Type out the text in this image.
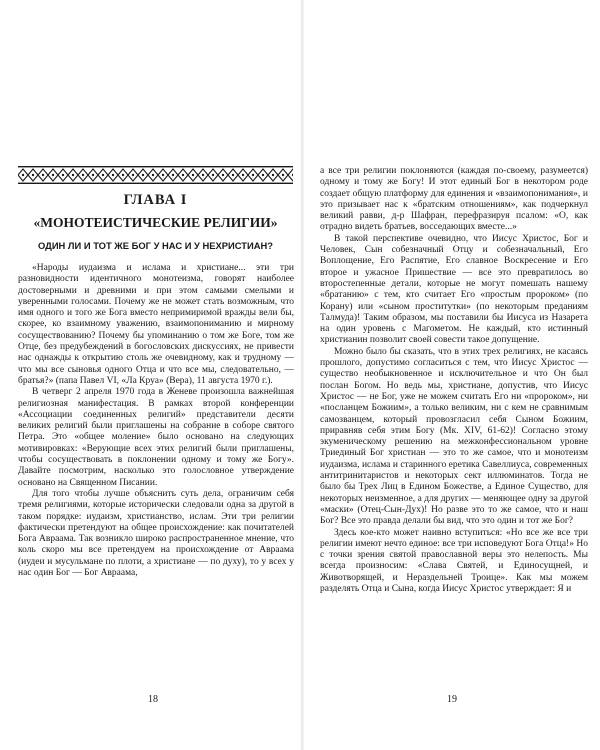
ГЛАВА I
«МОНОТЕИСТИЧЕСКИЕ РЕЛИГИИ»
ОДИН ЛИ И ТОТ ЖЕ БОГ У НАС И У НЕХРИСТИАН?

«Народы иудаизма и ислама и христиане... эти три разновидности идентичного монотеизма, говорят наиболее достоверными и древними и при этом самыми смелыми и уверенными голосами. Почему же не может стать возможным, что имя одного и того же Бога вместо непримиримой вражды вели бы, скорее, ко взаимному уважению, взаимопониманию и мирному сосуществованию? Почему бы упоминанию о том же Боге, том же Отце, без предубеждений в богословских дискуссиях, не привести нас однажды к открытию столь же очевидному, как и трудному — что мы все сыновья одного Отца и что все мы, следовательно, — братья?» (папа Павел VI, «Ла Круа» (Вера), 11 августа 1970 г.).

В четверг 2 апреля 1970 года в Женеве произошла важнейшая религиозная манифестация. В рамках второй конференции «Ассоциации соединенных религий» представители десяти великих религий были приглашены на собрание в соборе святого Петра. Это «общее моление» было основано на следующих мотивировках: «Верующие всех этих религий были приглашены, чтобы сосуществовать в поклонении одному и тому же Богу». Давайте посмотрим, насколько это голословное утверждение основано на Священном Писании.

Для того чтобы лучше объяснить суть дела, ограничим себя тремя религиями, которые исторически следовали одна за другой в таком порядке: иудаизм, христианство, ислам. Эти три религии фактически претендуют на общее происхождение: как почитателей Бога Авраама. Так возникло широко распространенное мнение, что коль скоро мы все претендуем на происхождение от Авраама (иудеи и мусульмане по плоти, а христиане — по духу), то у всех у нас один Бог — Бог Авраама,

18

а все три религии поклоняются (каждая по-своему, разумеется) одному и тому же Богу! И этот единый Бог в некотором роде создает общую платформу для единения и «взаимопонимания», и это призывает нас к «братским отношениям», как подчеркнул великий равви, д-р Шафран, перефразируя псалом: «О, как отрадно видеть братьев, восседающих вместе...»

В такой перспективе очевидно, что Иисус Христос, Бог и Человек, Сын собезначный Отцу и собезначальный, Его Воплощение, Его Распятие, Его славное Воскресение и Его второе и ужасное Пришествие — все это превратилось во второстепенные детали, которые не могут помешать нашему «братанию» с тем, кто считает Его «простым пророком» (по Корану) или «сыном проститутки» (по некоторым преданиям Талмуда)! Таким образом, мы поставили бы Иисуса из Назарета на один уровень с Магометом. Не каждый, кто истинный христианин позволит своей совести такое допущение.

Можно было бы сказать, что в этих трех религиях, не касаясь прошлого, допустимо согласиться с тем, что Иисус Христос — существо необыкновенное и исключительное и что Он был послан Богом. Но ведь мы, христиане, допустив, что Иисус Христос — не Бог, уже не можем считать Его ни «пророком», ни «посланцем Божиим», а только великим, ни с кем не сравнимым самозванцем, который провозгласил себя Сыном Божиим, приравняв себя этим Богу (Мк. XIV, 61-62)! Согласно этому экуменическому решению на межконфессиональном уровне Триединый Бог христиан — это то же самое, что и монотеизм иудаизма, ислама и старинного еретика Савеллиуса, современных антитринитаристов и некоторых сект иллюминатов. Тогда не было бы Трех Лиц в Едином Божестве, а Единое Существо, для некоторых неизменное, а для других — меняющее одну за другой «маски» (Отец-Сын-Дух)! Но разве это то же самое, что и наш Бог? Все это правда делали бы вид, что это один и тот же Бог?

Здесь кое-кто может наивно вступиться: «Но все же все три религии имеют нечто единое: все три исповедуют Бога Отца!» Но с точки зрения святой православной веры это нелепость. Мы всегда произносим: «Слава Святей, и Единосущней, и Животворящей, и Нераздельней Троице». Как мы можем разделять Отца и Сына, когда Иисус Христос утверждает: Я и

19
